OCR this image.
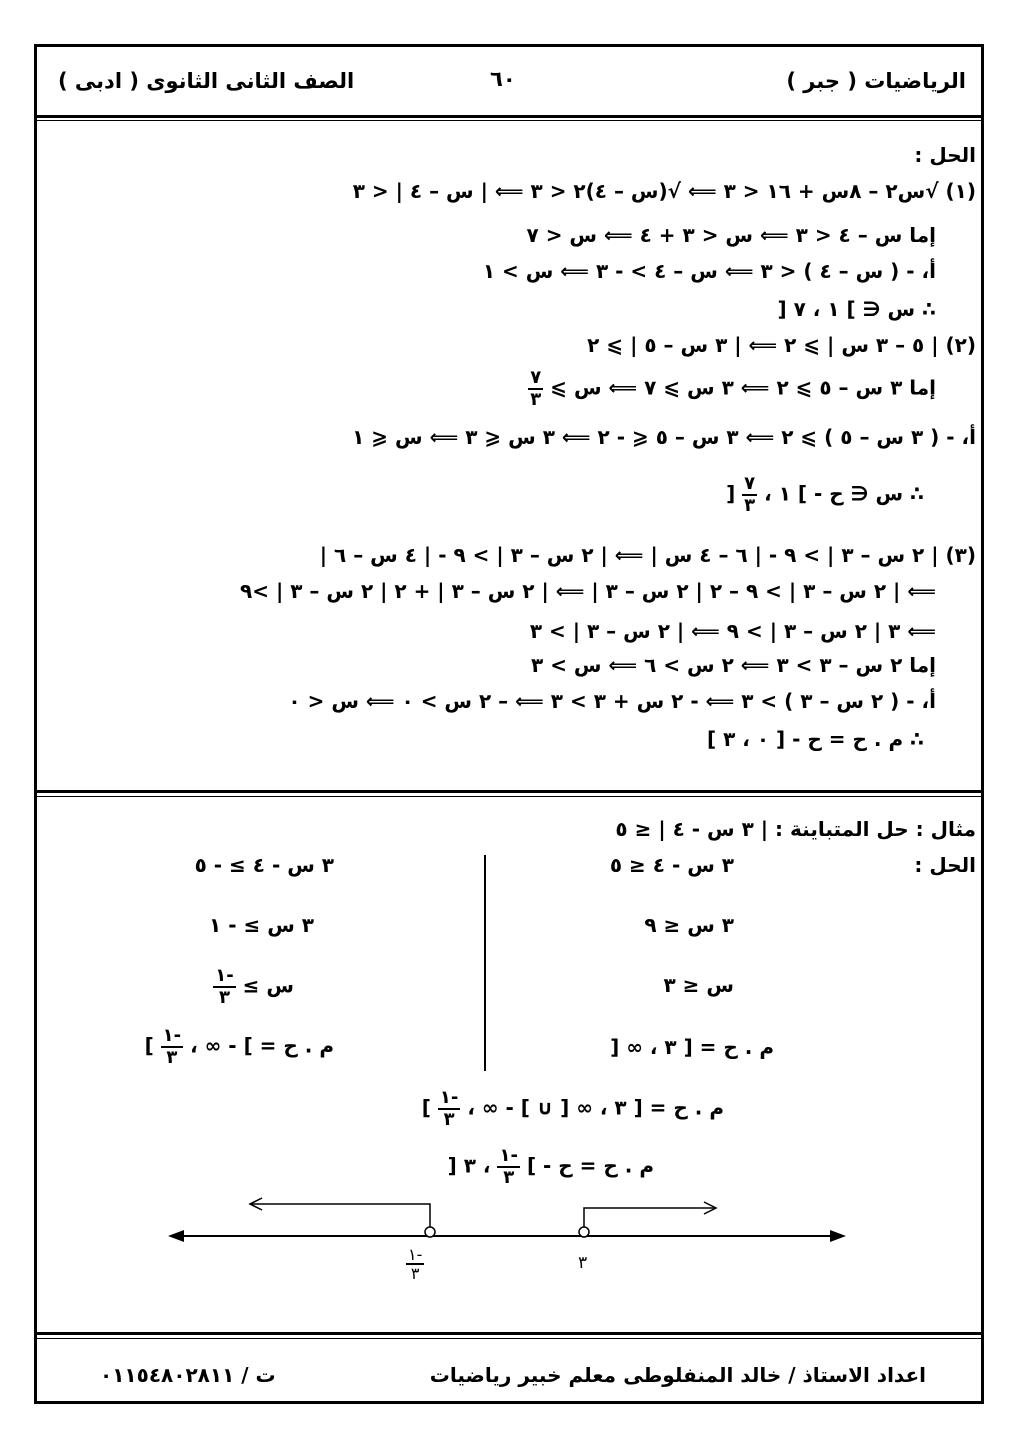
الرياضيات ( جبر )
٦٠
الصف الثانى الثانوى ( ادبى )
الحل :
(١) √س٢ – ٨س + ١٦ < ٣ ⟸ √(س – ٤)٢ < ٣ ⟸ | س – ٤ | < ٣
إما س – ٤ < ٣ ⟸ س < ٣ + ٤ ⟸ س < ٧
أ، - ( س – ٤ ) < ٣ ⟸ س – ٤ > - ٣ ⟸ س > ١
∴ س ∈ ] ١ ، ٧ [
(٢) | ٥ – ٣ س | ⩾ ٢ ⟸ | ٣ س – ٥ | ⩾ ٢
إما ٣ س – ٥ ⩾ ٢ ⟸ ٣ س ⩾ ٧ ⟸ س ⩾
$\frac{٧}{٣}$
أ، - ( ٣ س – ٥ ) ⩾ ٢ ⟸ ٣ س – ٥ ⩽ - ٢ ⟸ ٣ س ⩽ ٣ ⟸ س ⩽ ١
∴ س ∈ ح - ] ١ ،
$\frac{٧}{٣}$
[
(٣) | ٢ س – ٣ | > ٩ - | ٦ – ٤ س | ⟸ | ٢ س – ٣ | > ٩ - | ٤ س – ٦ |
⟸ | ٢ س – ٣ | > ٩ – ٢ | ٢ س – ٣ | ⟸ | ٢ س – ٣ | + ٢ | ٢ س – ٣ | >٩
⟸ ٣ | ٢ س – ٣ | > ٩ ⟸ | ٢ س – ٣ | > ٣
إما ٢ س – ٣ > ٣ ⟸ ٢ س > ٦ ⟸ س > ٣
أ، - ( ٢ س – ٣ ) > ٣ ⟸ - ٢ س + ٣ > ٣ ⟸ – ٢ س > ٠ ⟸ س < ٠
∴ م . ح = ح - [ ٠ ، ٣ ]
مثال : حل المتباينة : | ٣ س - ٤ | ≤ ٥
الحل :
٣ س - ٤ ≤ ٥
٣ س ≤ ٩
س ≤ ٣
م . ح = [ ٣ ، ∞ [
٣ س - ٤ ≥ - ٥
٣ س ≥ - ١
س ≥
$\frac{-١}{٣}$
م . ح = ] - ∞ ،
$\frac{-١}{٣}$
]
م . ح = [ ٣ ، ∞ [ ∪ ] - ∞ ،
$\frac{-١}{٣}$
]
م . ح = ح - ]
$\frac{-١}{٣}$
، ٣ [
٣
$\frac{١-}{٣}$
اعداد الاستاذ / خالد المنفلوطى
معلم خبير رياضيات
ت / ٠١١٥٤٨٠٢٨١١
